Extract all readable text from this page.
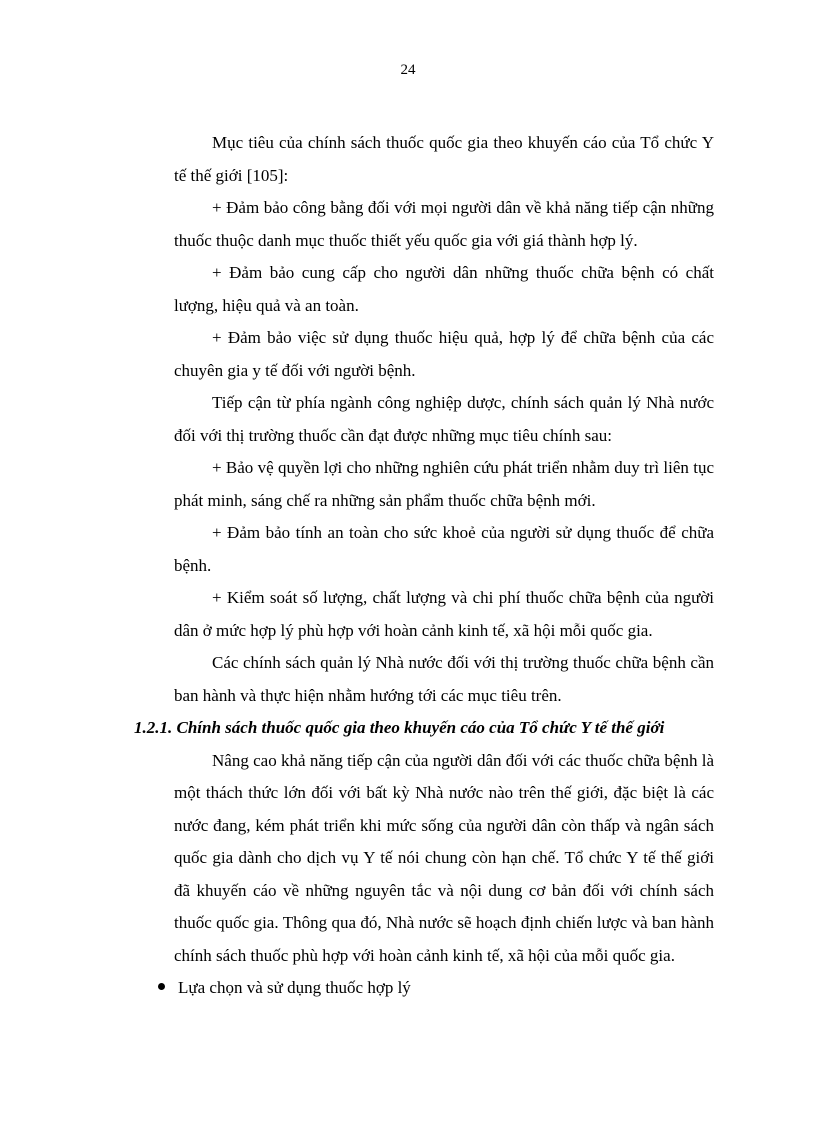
24

Mục tiêu của chính sách thuốc quốc gia theo khuyến cáo của Tổ chức Y tế thế giới [105]:

+ Đảm bảo công bằng đối với mọi người dân về khả năng tiếp cận những thuốc thuộc danh mục thuốc thiết yếu quốc gia với giá thành hợp lý.

+ Đảm bảo cung cấp cho người dân những thuốc chữa bệnh có chất lượng, hiệu quả và an toàn.

+ Đảm bảo việc sử dụng thuốc hiệu quả, hợp lý để chữa bệnh của các chuyên gia y tế đối với người bệnh.

Tiếp cận từ phía ngành công nghiệp dược, chính sách quản lý Nhà nước đối với thị trường thuốc cần đạt được những mục tiêu chính sau:

+ Bảo vệ quyền lợi cho những nghiên cứu phát triển nhằm duy trì liên tục phát minh, sáng chế ra những sản phẩm thuốc chữa bệnh mới.

+ Đảm bảo tính an toàn cho sức khoẻ của người sử dụng thuốc để chữa bệnh.

+ Kiểm soát số lượng, chất lượng và chi phí thuốc chữa bệnh của người dân ở mức hợp lý phù hợp với hoàn cảnh kinh tế, xã hội mỗi quốc gia.

Các chính sách quản lý Nhà nước đối với thị trường thuốc chữa bệnh cần ban hành và thực hiện nhằm hướng tới các mục tiêu trên.

1.2.1. Chính sách thuốc quốc gia theo khuyến cáo của Tổ chức Y tế thế giới

Nâng cao khả năng tiếp cận của người dân đối với các thuốc chữa bệnh là một thách thức lớn đối với bất kỳ Nhà nước nào trên thế giới, đặc biệt là các nước đang, kém phát triển khi mức sống của người dân còn thấp và ngân sách quốc gia dành cho dịch vụ Y tế nói chung còn hạn chế. Tổ chức Y tế thế giới đã khuyến cáo về những nguyên tắc và nội dung cơ bản đối với chính sách thuốc quốc gia. Thông qua đó, Nhà nước sẽ hoạch định chiến lược và ban hành chính sách thuốc phù hợp với hoàn cảnh kinh tế, xã hội của mỗi quốc gia.

Lựa chọn và sử dụng thuốc hợp lý
